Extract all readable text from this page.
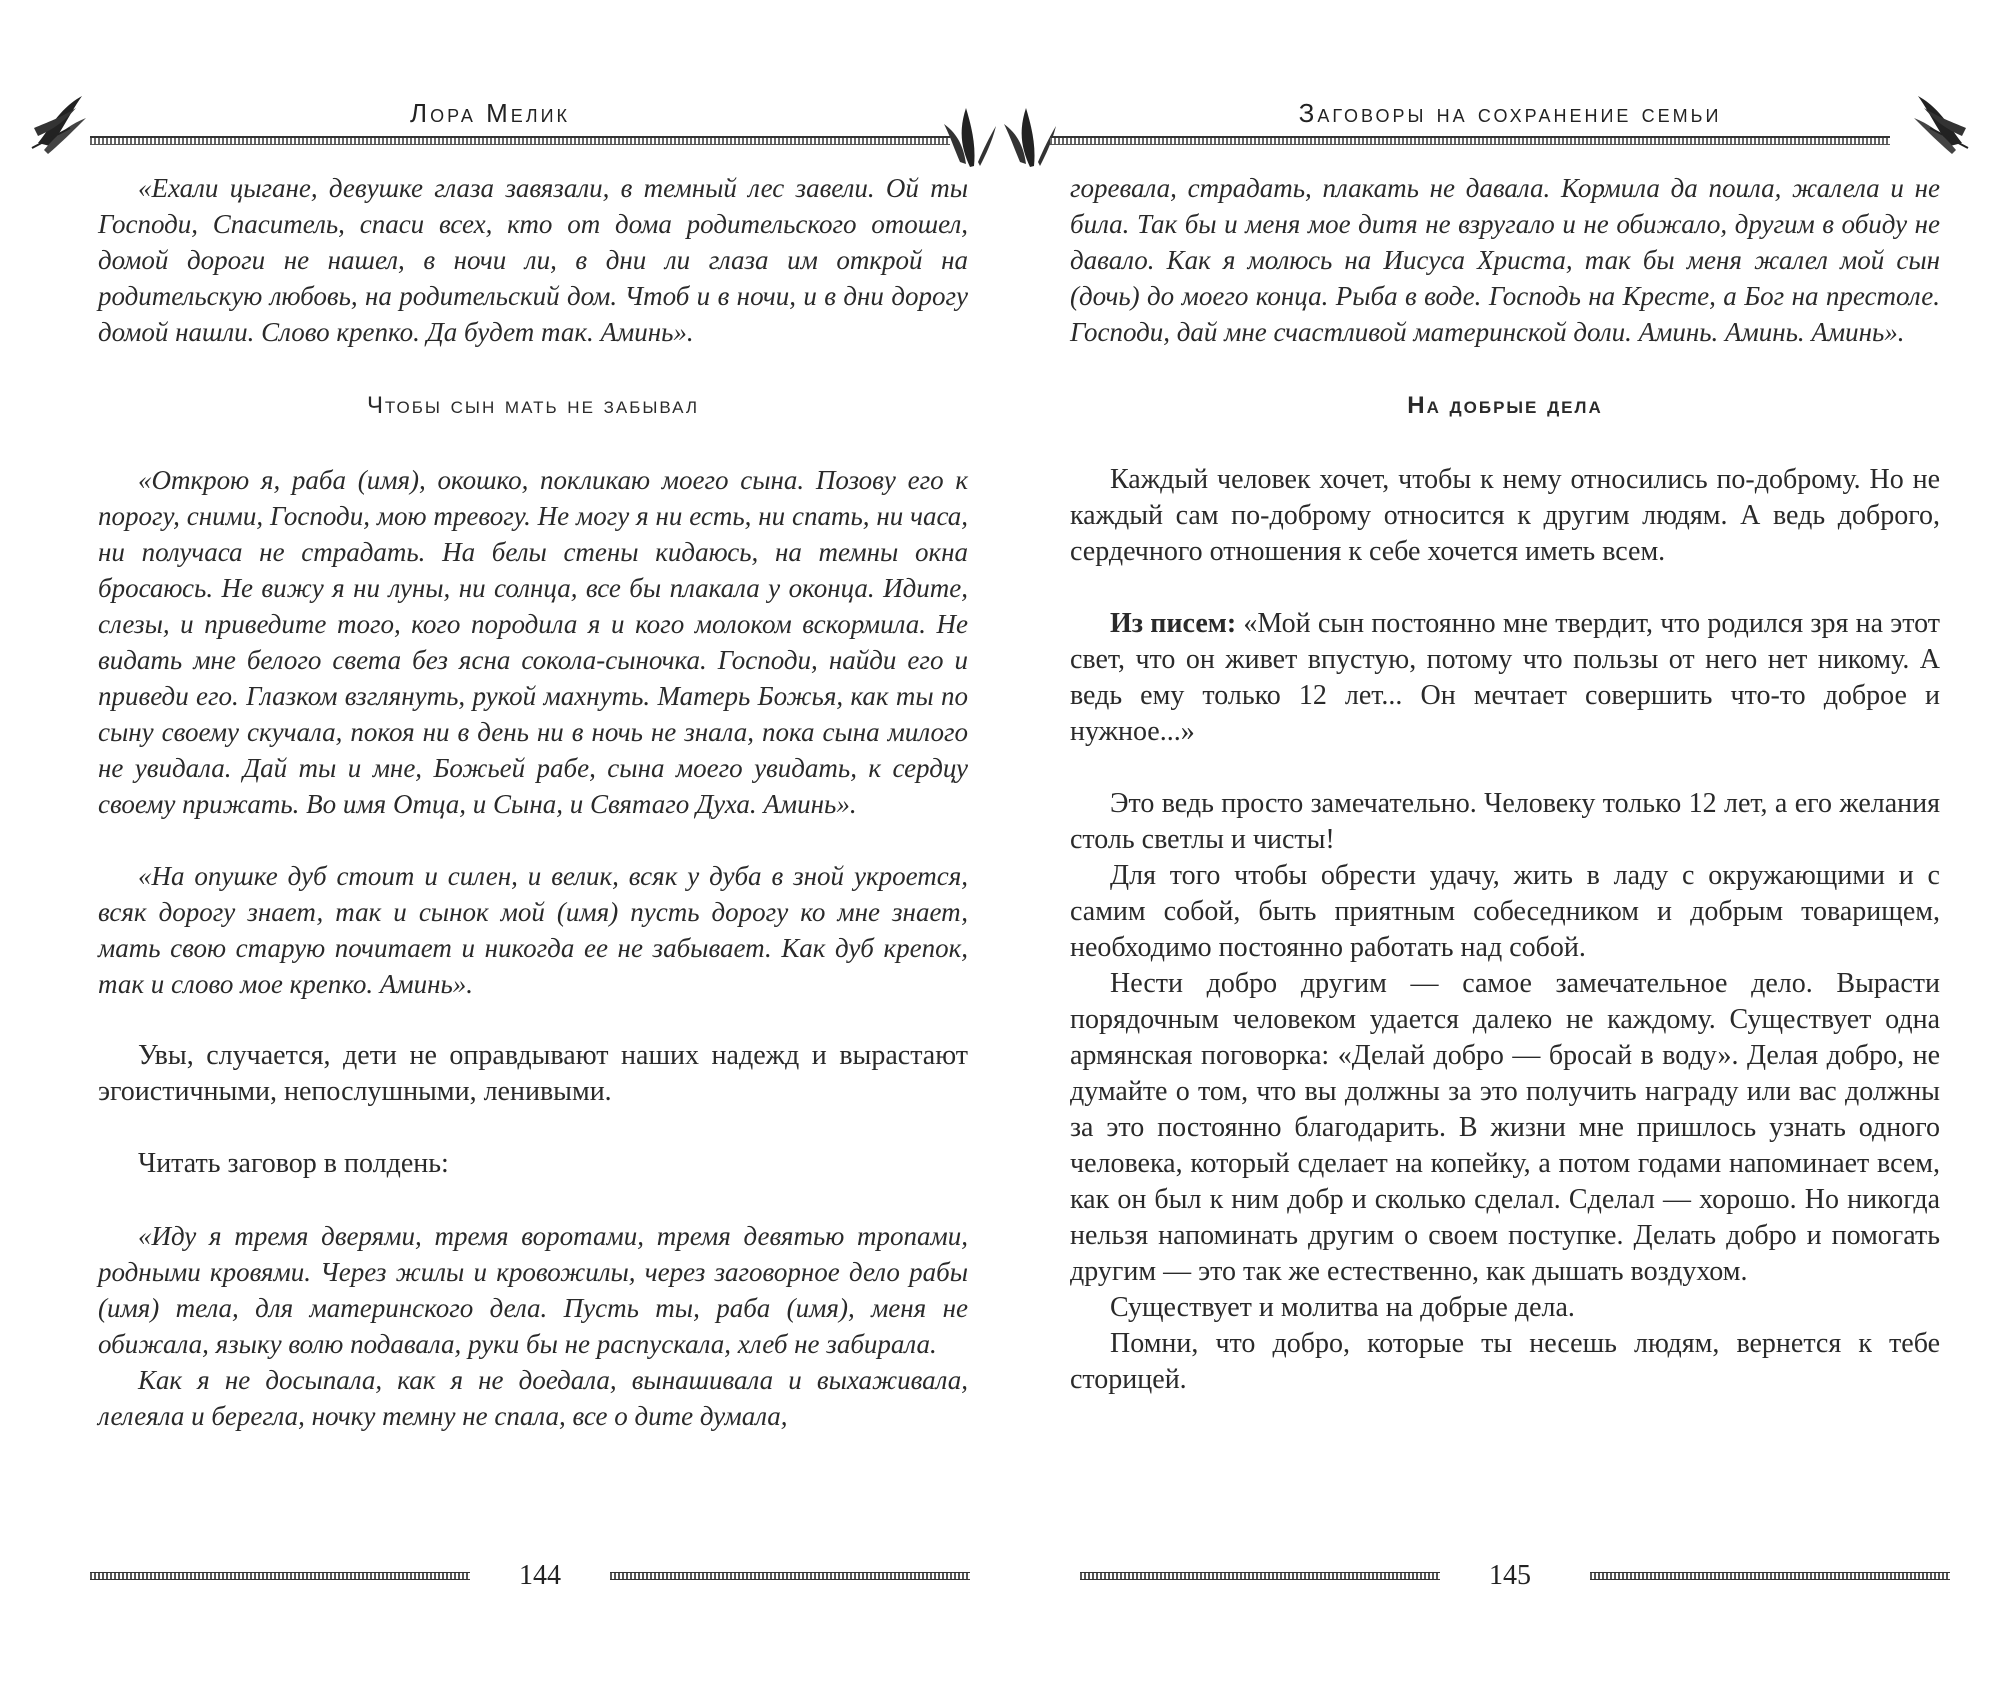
Лора Мелик

«Ехали цыгане, девушке глаза завязали, в темный лес завели. Ой ты Господи, Спаситель, спаси всех, кто от дома родительского отошел, домой дороги не нашел, в ночи ли, в дни ли глаза им открой на родительскую любовь, на родительский дом. Чтоб и в ночи, и в дни дорогу домой нашли. Слово крепко. Да будет так. Аминь».

Чтобы сын мать не забывал

«Открою я, раба (имя), окошко, покликаю моего сына. Позову его к порогу, сними, Господи, мою тревогу. Не могу я ни есть, ни спать, ни часа, ни получаса не страдать. На белы стены кидаюсь, на темны окна бросаюсь. Не вижу я ни луны, ни солнца, все бы плакала у оконца. Идите, слезы, и приведите того, кого породила я и кого молоком вскормила. Не видать мне белого света без ясна сокола-сыночка. Господи, найди его и приведи его. Глазком взглянуть, рукой махнуть. Матерь Божья, как ты по сыну своему скучала, покоя ни в день ни в ночь не знала, пока сына милого не увидала. Дай ты и мне, Божьей рабе, сына моего увидать, к сердцу своему прижать. Во имя Отца, и Сына, и Святаго Духа. Аминь».

«На опушке дуб стоит и силен, и велик, всяк у дуба в зной укроется, всяк дорогу знает, так и сынок мой (имя) пусть дорогу ко мне знает, мать свою старую почитает и никогда ее не забывает. Как дуб крепок, так и слово мое крепко. Аминь».

Увы, случается, дети не оправдывают наших надежд и вырастают эгоистичными, непослушными, ленивыми.

Читать заговор в полдень:

«Иду я тремя дверями, тремя воротами, тремя девятью тропами, родными кровями. Через жилы и кровожилы, через заговорное дело рабы (имя) тела, для материнского дела. Пусть ты, раба (имя), меня не обижала, языку волю подавала, руки бы не распускала, хлеб не забирала.

Как я не досыпала, как я не доедала, вынашивала и выхаживала, лелеяла и берегла, ночку темну не спала, все о дите думала,

144
Заговоры на сохранение семьи

горевала, страдать, плакать не давала. Кормила да поила, жалела и не била. Так бы и меня мое дитя не взругало и не обижало, другим в обиду не давало. Как я молюсь на Иисуса Христа, так бы меня жалел мой сын (дочь) до моего конца. Рыба в воде. Господь на Кресте, а Бог на престоле. Господи, дай мне счастливой материнской доли. Аминь. Аминь. Аминь».

На добрые дела

Каждый человек хочет, чтобы к нему относились по-доброму. Но не каждый сам по-доброму относится к другим людям. А ведь доброго, сердечного отношения к себе хочется иметь всем.

Из писем: «Мой сын постоянно мне твердит, что родился зря на этот свет, что он живет впустую, потому что пользы от него нет никому. А ведь ему только 12 лет... Он мечтает совершить что-то доброе и нужное...»

Это ведь просто замечательно. Человеку только 12 лет, а его желания столь светлы и чисты!

Для того чтобы обрести удачу, жить в ладу с окружающими и с самим собой, быть приятным собеседником и добрым товарищем, необходимо постоянно работать над собой.

Нести добро другим — самое замечательное дело. Вырасти порядочным человеком удается далеко не каждому. Существует одна армянская поговорка: «Делай добро — бросай в воду». Делая добро, не думайте о том, что вы должны за это получить награду или вас должны за это постоянно благодарить. В жизни мне пришлось узнать одного человека, который сделает на копейку, а потом годами напоминает всем, как он был к ним добр и сколько сделал. Сделал — хорошо. Но никогда нельзя напоминать другим о своем поступке. Делать добро и помогать другим — это так же естественно, как дышать воздухом.

Существует и молитва на добрые дела.

Помни, что добро, которые ты несешь людям, вернется к тебе сторицей.

145
